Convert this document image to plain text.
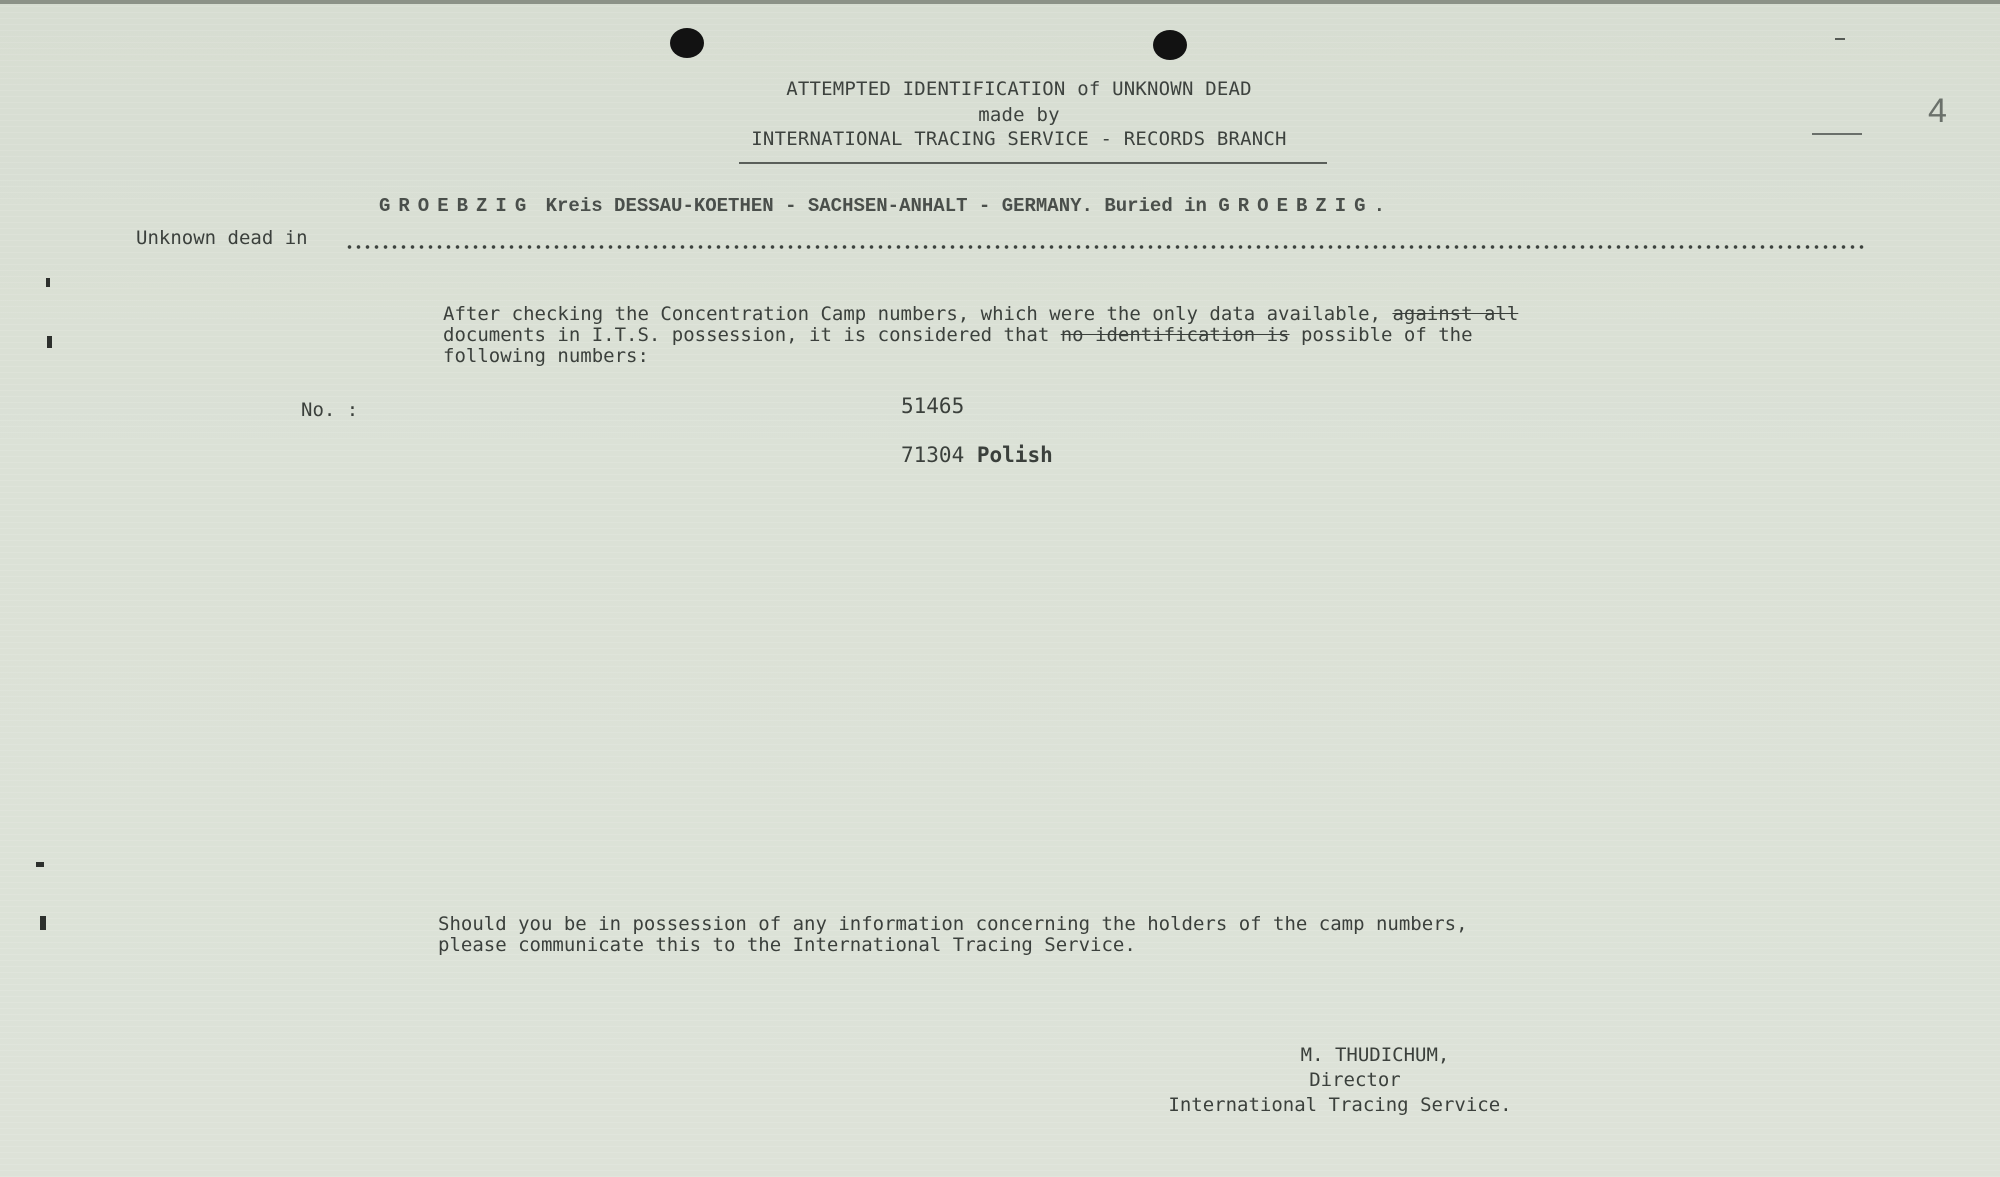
ATTEMPTED IDENTIFICATION of UNKNOWN DEAD

made by

INTERNATIONAL TRACING SERVICE - RECORDS BRANCH

4

GROEBZIG Kreis DESSAU-KOETHEN - SACHSEN-ANHALT - GERMANY. Buried in GROEBZIG.

Unknown dead in

After checking the Concentration Camp numbers, which were the only data available, against all
documents in I.T.S. possession, it is considered that no identification is possible of the
following numbers:

No. :	51465

71304 Polish

Should you be in possession of any information concerning the holders of the camp numbers,
please communicate this to the International Tracing Service.
M. THUDICHUM,
Director
International Tracing Service.
